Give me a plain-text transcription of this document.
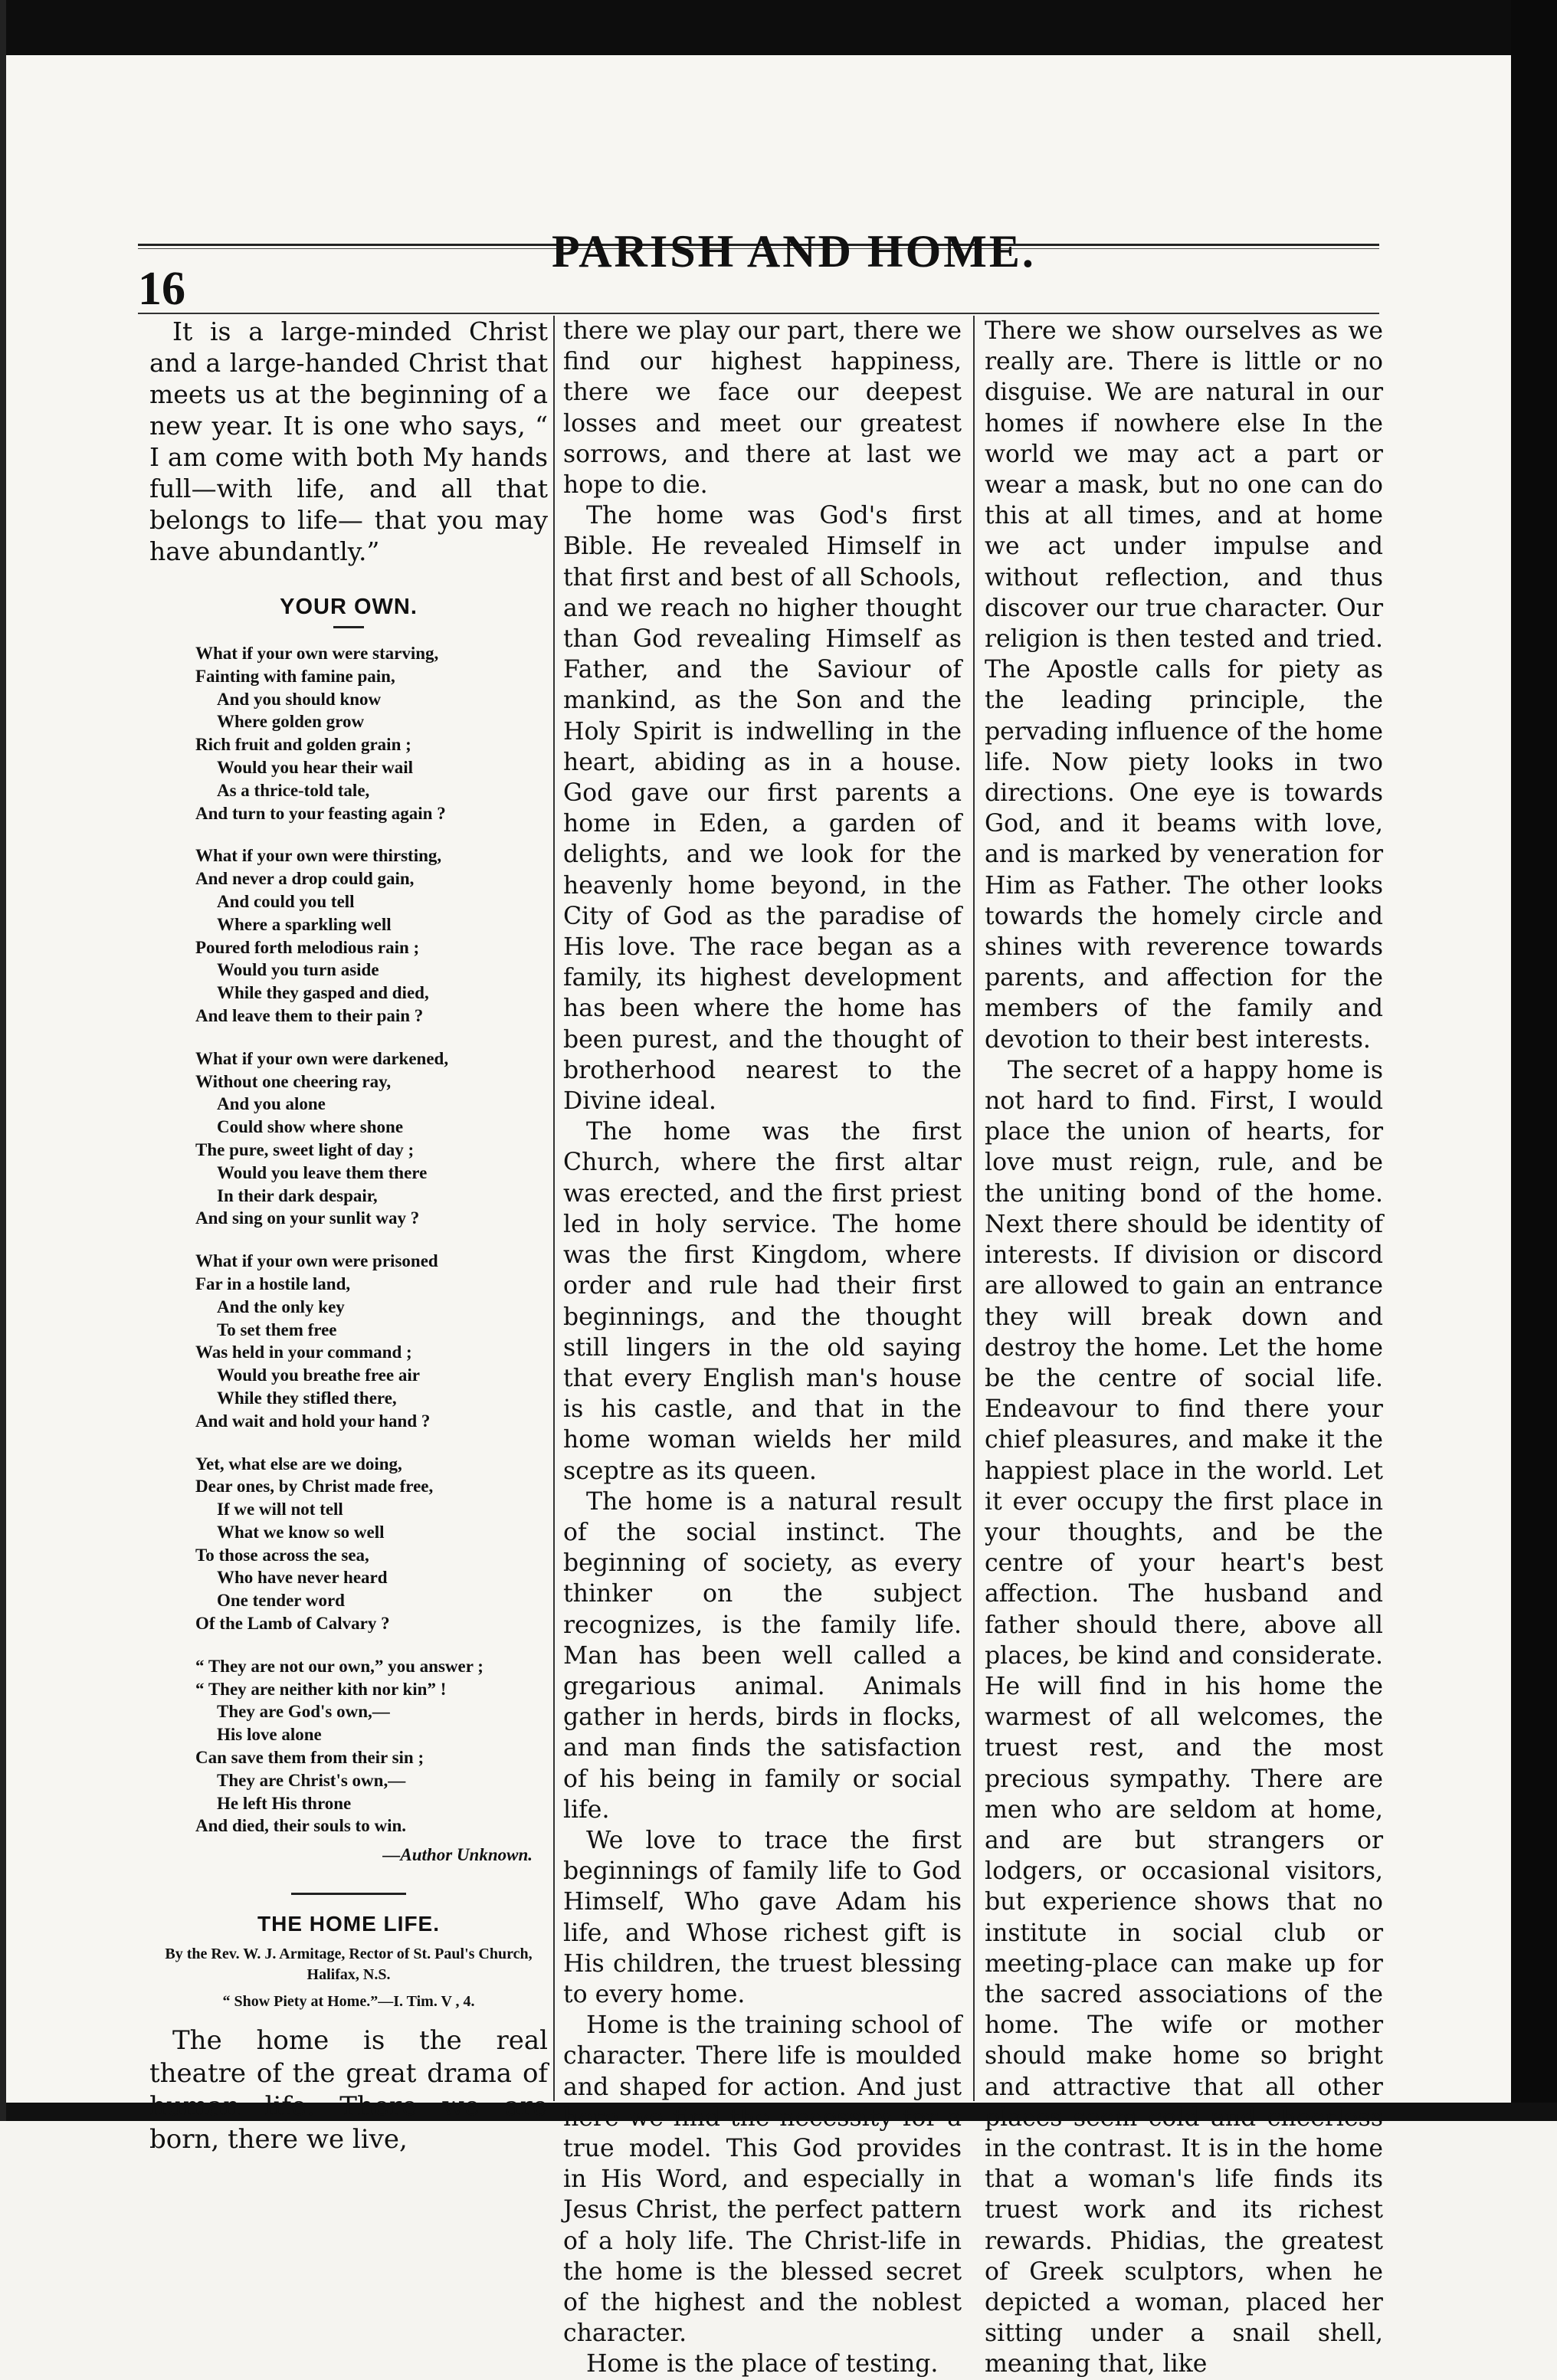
16
PARISH AND HOME.

It is a large-minded Christ and a large-handed Christ that meets us at the beginning of a new year. It is one who says, “ I am come with both My hands full—with life, and all that belongs to life— that you may have abundantly.”

YOUR OWN.
What if your own were starving,
Fainting with famine pain,
And you should know
Where golden grow
Rich fruit and golden grain ;
Would you hear their wail
As a thrice-told tale,
And turn to your feasting again ?
What if your own were thirsting,
And never a drop could gain,
And could you tell
Where a sparkling well
Poured forth melodious rain ;
Would you turn aside
While they gasped and died,
And leave them to their pain ?
What if your own were darkened,
Without one cheering ray,
And you alone
Could show where shone
The pure, sweet light of day ;
Would you leave them there
In their dark despair,
And sing on your sunlit way ?
What if your own were prisoned
Far in a hostile land,
And the only key
To set them free
Was held in your command ;
Would you breathe free air
While they stifled there,
And wait and hold your hand ?
Yet, what else are we doing,
Dear ones, by Christ made free,
If we will not tell
What we know so well
To those across the sea,
Who have never heard
One tender word
Of the Lamb of Calvary ?
“ They are not our own,” you answer ;
“ They are neither kith nor kin” !
They are God's own,—
His love alone
Can save them from their sin ;
They are Christ's own,—
He left His throne
And died, their souls to win.
—Author Unknown.
THE HOME LIFE.
By the Rev. W. J. Armitage, Rector of St. Paul's Church, Halifax, N.S.
“ Show Piety at Home.”—I. Tim. V , 4.

The home is the real theatre of the great drama of human life. There we are born, there we live,

there we play our part, there we find our highest happiness, there we face our deepest losses and meet our greatest sorrows, and there at last we hope to die.

The home was God's first Bible. He revealed Himself in that first and best of all Schools, and we reach no higher thought than God revealing Himself as Father, and the Saviour of mankind, as the Son and the Holy Spirit is indwelling in the heart, abiding as in a house. God gave our first parents a home in Eden, a garden of delights, and we look for the heavenly home beyond, in the City of God as the paradise of His love. The race began as a family, its highest development has been where the home has been purest, and the thought of brotherhood nearest to the Divine ideal.

The home was the first Church, where the first altar was erected, and the first priest led in holy service. The home was the first Kingdom, where order and rule had their first beginnings, and the thought still lingers in the old saying that every English man's house is his castle, and that in the home woman wields her mild sceptre as its queen.

The home is a natural result of the social instinct. The beginning of society, as every thinker on the subject recognizes, is the family life. Man has been well called a gregarious animal. Animals gather in herds, birds in flocks, and man finds the satisfaction of his being in family or social life.

We love to trace the first beginnings of family life to God Himself, Who gave Adam his life, and Whose richest gift is His children, the truest blessing to every home.

Home is the training school of character. There life is moulded and shaped for action. And just here we find the necessity for a true model. This God provides in His Word, and especially in Jesus Christ, the perfect pattern of a holy life. The Christ-life in the home is the blessed secret of the highest and the noblest character.

Home is the place of testing.

There we show ourselves as we really are. There is little or no disguise. We are natural in our homes if nowhere else In the world we may act a part or wear a mask, but no one can do this at all times, and at home we act under impulse and without reflection, and thus discover our true character. Our religion is then tested and tried. The Apostle calls for piety as the leading principle, the pervading influence of the home life. Now piety looks in two directions. One eye is towards God, and it beams with love, and is marked by veneration for Him as Father. The other looks towards the homely circle and shines with reverence towards parents, and affection for the members of the family and devotion to their best interests.

The secret of a happy home is not hard to find. First, I would place the union of hearts, for love must reign, rule, and be the uniting bond of the home. Next there should be identity of interests. If division or discord are allowed to gain an entrance they will break down and destroy the home. Let the home be the centre of social life. Endeavour to find there your chief pleasures, and make it the happiest place in the world. Let it ever occupy the first place in your thoughts, and be the centre of your heart's best affection. The husband and father should there, above all places, be kind and considerate. He will find in his home the warmest of all welcomes, the truest rest, and the most precious sympathy. There are men who are seldom at home, and are but strangers or lodgers, or occasional visitors, but experience shows that no institute in social club or meeting-place can make up for the sacred associations of the home. The wife or mother should make home so bright and attractive that all other places seem cold and cheerless in the contrast. It is in the home that a woman's life finds its truest work and its richest rewards. Phidias, the greatest of Greek sculptors, when he depicted a woman, placed her sitting under a snail shell, meaning that, like
